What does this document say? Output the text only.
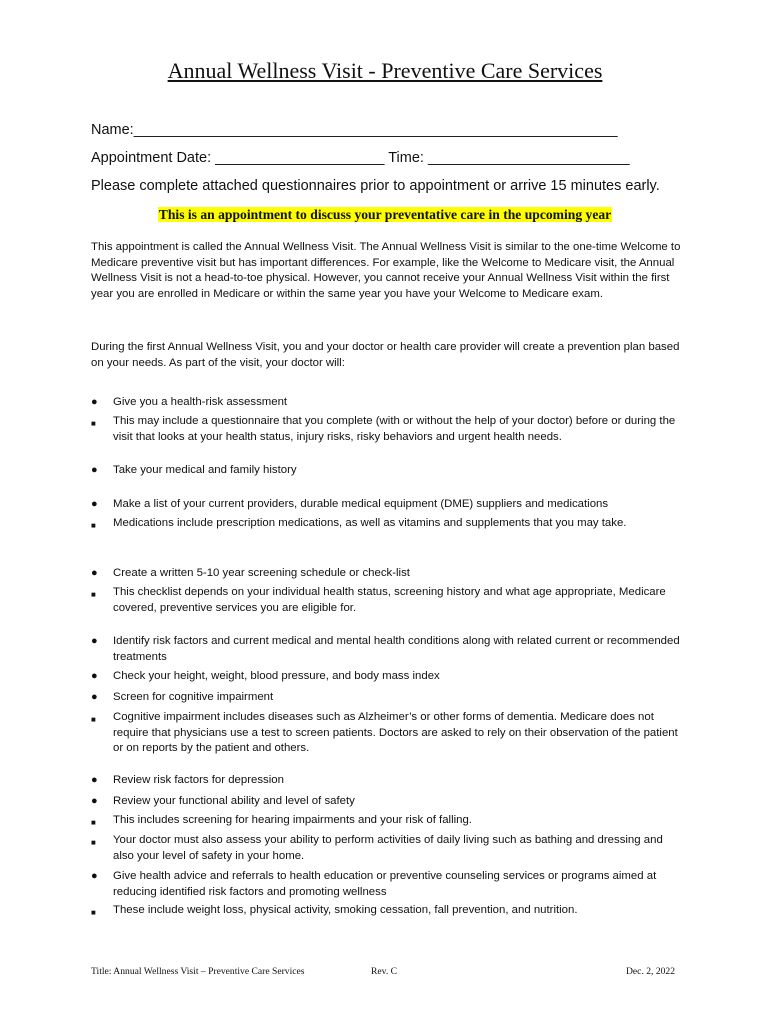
Annual Wellness Visit - Preventive Care Services
Name:____________________________________________________________
Appointment Date: _____________________ Time: _________________________
Please complete attached questionnaires prior to appointment or arrive 15 minutes early.
This is an appointment to discuss your preventative care in the upcoming year

This appointment is called the Annual Wellness Visit. The Annual Wellness Visit is similar to the one-time Welcome to Medicare preventive visit but has important differences. For example, like the Welcome to Medicare visit, the Annual Wellness Visit is not a head-to-toe physical. However, you cannot receive your Annual Wellness Visit within the first year you are enrolled in Medicare or within the same year you have your Welcome to Medicare exam.

During the first Annual Wellness Visit, you and your doctor or health care provider will create a prevention plan based on your needs. As part of the visit, your doctor will:

●	Give you a health-risk assessment
■	This may include a questionnaire that you complete (with or without the help of your doctor) before or during the visit that looks at your health status, injury risks, risky behaviors and urgent health needs.
●	Take your medical and family history
●	Make a list of your current providers, durable medical equipment (DME) suppliers and medications
■	Medications include prescription medications, as well as vitamins and supplements that you may take.
●	Create a written 5-10 year screening schedule or check-list
■	This checklist depends on your individual health status, screening history and what age appropriate, Medicare covered, preventive services you are eligible for.
●	Identify risk factors and current medical and mental health conditions along with related current or recommended treatments
●	Check your height, weight, blood pressure, and body mass index
●	Screen for cognitive impairment
■	Cognitive impairment includes diseases such as Alzheimer’s or other forms of dementia. Medicare does not require that physicians use a test to screen patients. Doctors are asked to rely on their observation of the patient or on reports by the patient and others.
●	Review risk factors for depression
●	Review your functional ability and level of safety
■	This includes screening for hearing impairments and your risk of falling.
■	Your doctor must also assess your ability to perform activities of daily living such as bathing and dressing and also your level of safety in your home.
●	Give health advice and referrals to health education or preventive counseling services or programs aimed at reducing identified risk factors and promoting wellness
■	These include weight loss, physical activity, smoking cessation, fall prevention, and nutrition.
Title: Annual Wellness Visit – Preventive Care Services	Rev. C	Dec. 2, 2022
